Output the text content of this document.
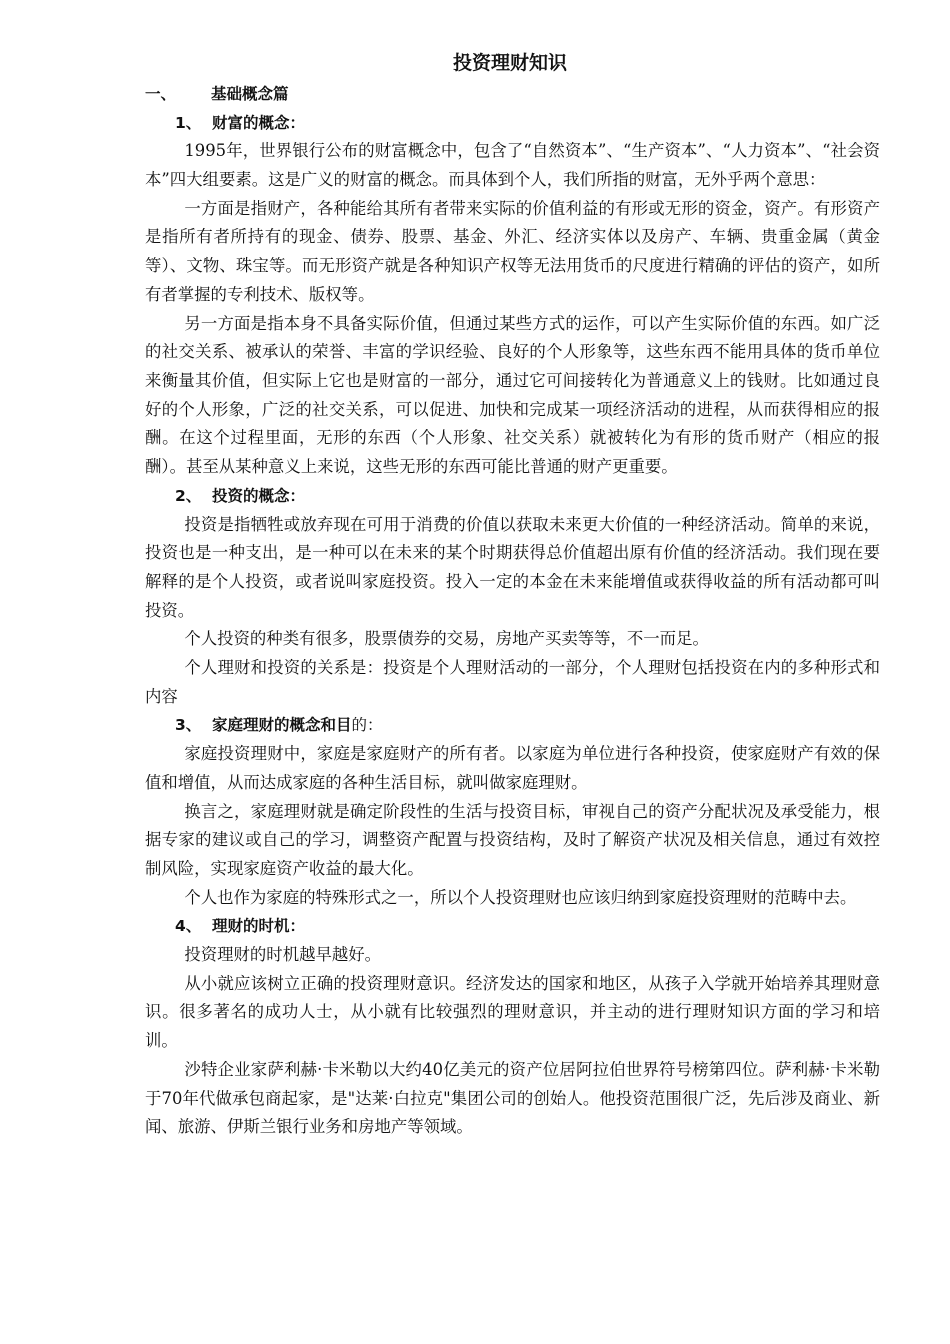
投资理财知识
一、 基础概念篇
1、 财富的概念：

1995年，世界银行公布的财富概念中，包含了“自然资本”、“生产资本”、“人力资本”、“社会资本”四大组要素。这是广义的财富的概念。而具体到个人，我们所指的财富，无外乎两个意思：

一方面是指财产，各种能给其所有者带来实际的价值利益的有形或无形的资金，资产。有形资产是指所有者所持有的现金、债券、股票、基金、外汇、经济实体以及房产、车辆、贵重金属（黄金等）、文物、珠宝等。而无形资产就是各种知识产权等无法用货币的尺度进行精确的评估的资产，如所有者掌握的专利技术、版权等。

另一方面是指本身不具备实际价值，但通过某些方式的运作，可以产生实际价值的东西。如广泛的社交关系、被承认的荣誉、丰富的学识经验、良好的个人形象等，这些东西不能用具体的货币单位来衡量其价值，但实际上它也是财富的一部分，通过它可间接转化为普通意义上的钱财。比如通过良好的个人形象，广泛的社交关系，可以促进、加快和完成某一项经济活动的进程，从而获得相应的报酬。在这个过程里面，无形的东西（个人形象、社交关系）就被转化为有形的货币财产（相应的报酬）。甚至从某种意义上来说，这些无形的东西可能比普通的财产更重要。

2、 投资的概念：

投资是指牺牲或放弃现在可用于消费的价值以获取未来更大价值的一种经济活动。简单的来说，投资也是一种支出，是一种可以在未来的某个时期获得总价值超出原有价值的经济活动。我们现在要解释的是个人投资，或者说叫家庭投资。投入一定的本金在未来能增值或获得收益的所有活动都可叫投资。

个人投资的种类有很多，股票债券的交易，房地产买卖等等，不一而足。

个人理财和投资的关系是：投资是个人理财活动的一部分，个人理财包括投资在内的多种形式和内容

3、 家庭理财的概念和目的：

家庭投资理财中，家庭是家庭财产的所有者。以家庭为单位进行各种投资，使家庭财产有效的保值和增值，从而达成家庭的各种生活目标，就叫做家庭理财。

换言之，家庭理财就是确定阶段性的生活与投资目标，审视自己的资产分配状况及承受能力，根据专家的建议或自己的学习，调整资产配置与投资结构，及时了解资产状况及相关信息，通过有效控制风险，实现家庭资产收益的最大化。

个人也作为家庭的特殊形式之一，所以个人投资理财也应该归纳到家庭投资理财的范畴中去。

4、 理财的时机：

投资理财的时机越早越好。

从小就应该树立正确的投资理财意识。经济发达的国家和地区，从孩子入学就开始培养其理财意识。很多著名的成功人士，从小就有比较强烈的理财意识，并主动的进行理财知识方面的学习和培训。

沙特企业家萨利赫·卡米勒以大约40亿美元的资产位居阿拉伯世界符号榜第四位。萨利赫·卡米勒于70年代做承包商起家，是"达莱·白拉克"集团公司的创始人。他投资范围很广泛，先后涉及商业、新闻、旅游、伊斯兰银行业务和房地产等领域。
